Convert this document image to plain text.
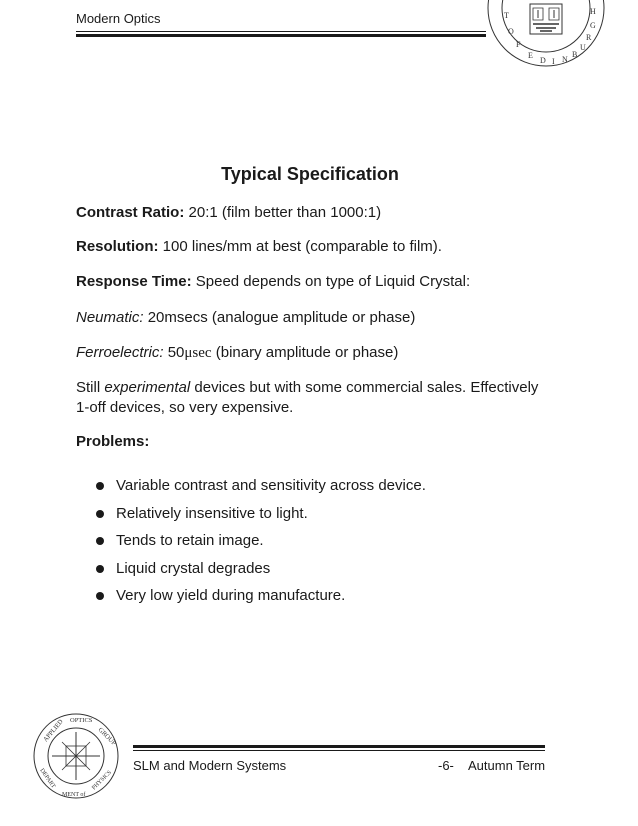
Modern Optics	T
O
F
E
D I N
B
U
R
G
H
Typical Specification
Contrast Ratio: 20:1 (film better than 1000:1)
Resolution: 100 lines/mm at best (comparable to film).
Response Time: Speed depends on type of Liquid Crystal:
Neumatic: 20msecs (analogue amplitude or phase)
Ferroelectric: 50μsec (binary amplitude or phase)
Still experimental devices but with some commercial sales. Effectively
1-off devices, so very expensive.
Problems:
Variable contrast and sensitivity across device.
Relatively insensitive to light.
Tends to retain image.
Liquid crystal degrades
Very low yield during manufacture.
APPLIED OPTICS
GROUP
DEPART
MENT of
PHYSICS
SLM and Modern Systems	-6- Autumn Term
